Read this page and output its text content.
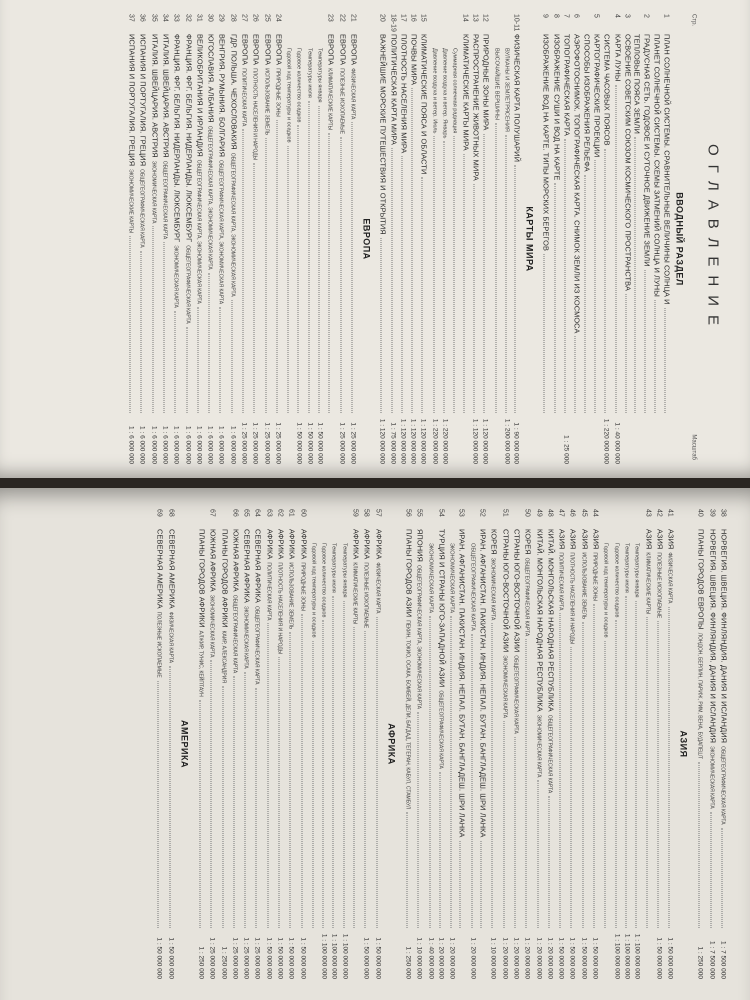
ОГЛАВЛЕНИЕ
Стр.
Масштаб
ВВОДНЫЙ РАЗДЕЛ
1
ПЛАН СОЛНЕЧНОЙ СИСТЕМЫ. СРАВНИТЕЛЬНЫЕ ВЕЛИЧИНЫ СОЛНЦА И
ПЛАНЕТ СОЛНЕЧНОЙ СИСТЕМЫ. СХЕМЫ ЗАТМЕНИЙ СОЛНЦА И ЛУНЫ
2
ГРАДУСНАЯ СЕТЬ. ГОДОВОЕ И СУТОЧНОЕ ДВИЖЕНИЕ ЗЕМЛИ
ТЕПЛОВЫЕ ПОЯСА ЗЕМЛИ
3
ОСВОЕНИЕ СОВЕТСКИМ СОЮЗОМ КОСМИЧЕСКОГО ПРОСТРАНСТВА
4
КАРТА ЛУНЫ
1 : 40 000 000
СИСТЕМА ЧАСОВЫХ ПОЯСОВ
1 : 220 000 000
5
КАРТОГРАФИЧЕСКИЕ ПРОЕКЦИИ
СПОСОБЫ ИЗОБРАЖЕНИЯ РЕЛЬЕФА
6
АЭРОФОТОСНИМОК. ТОПОГРАФИЧЕСКАЯ КАРТА. СНИМОК ЗЕМЛИ ИЗ КОСМОСА
7
ТОПОГРАФИЧЕСКАЯ КАРТА
1 : 25 000
8
ИЗОБРАЖЕНИЕ СУШИ И ВОД НА КАРТЕ
9
ИЗОБРАЖЕНИЕ ВОД НА КАРТЕ. ТИПЫ МОРСКИХ БЕРЕГОВ
КАРТЫ МИРА
10-11
ФИЗИЧЕСКАЯ КАРТА ПОЛУШАРИЙ
1 : 90 000 000
ВУЛКАНЫ И ЗЕМЛЕТРЯСЕНИЯ
1 : 200 000 000
ВЫСОЧАЙШИЕ ВЕРШИНЫ
12
ПРИРОДНЫЕ ЗОНЫ МИРА
1 : 120 000 000
13
РАСПРОСТРАНЕНИЕ ЖИВОТНЫХ МИРА
1 : 120 000 000
14
КЛИМАТИЧЕСКИЕ КАРТЫ МИРА
Суммарная солнечная радиация
Давление воздуха и ветер. Январь
1 : 220 000 000
Давление воздуха и ветер. Июль
1 : 220 000 000
15
КЛИМАТИЧЕСКИЕ ПОЯСА И ОБЛАСТИ
1 : 120 000 000
16
ПОЧВЫ МИРА
1 : 120 000 000
17
ПЛОТНОСТЬ НАСЕЛЕНИЯ МИРА
1 : 120 000 000
18-19
ПОЛИТИЧЕСКАЯ КАРТА МИРА
1 : 75 000 000
20
ВАЖНЕЙШИЕ МОРСКИЕ ПУТЕШЕСТВИЯ И ОТКРЫТИЯ
1 : 120 000 000
ЕВРОПА
21
ЕВРОПА
ФИЗИЧЕСКАЯ КАРТА
1 : 25 000 000
22
ЕВРОПА
ПОЛЕЗНЫЕ ИСКОПАЕМЫЕ
1 : 25 000 000
23
ЕВРОПА
КЛИМАТИЧЕСКИЕ КАРТЫ
Температуры января
1 : 50 000 000
Температуры июля
1 : 50 000 000
Годовое количество осадков
1 : 50 000 000
Годовой ход температуры и осадков
24
ЕВРОПА
ПРИРОДНЫЕ ЗОНЫ
1 : 25 000 000
25
ЕВРОПА
ИСПОЛЬЗОВАНИЕ ЗЕМЕЛЬ
1 : 25 000 000
26
ЕВРОПА
ПЛОТНОСТЬ НАСЕЛЕНИЯ И НАРОДЫ
1 : 25 000 000
27
ЕВРОПА
ПОЛИТИЧЕСКАЯ КАРТА
1 : 25 000 000
28
ГДР. ПОЛЬША. ЧЕХОСЛОВАКИЯ
ОБЩЕГЕОГРАФИЧЕСКАЯ КАРТА, ЭКОНОМИЧЕСКАЯ КАРТА
1 : 6 000 000
29
ВЕНГРИЯ. РУМЫНИЯ. БОЛГАРИЯ
ОБЩЕГЕОГРАФИЧЕСКАЯ КАРТА, ЭКОНОМИЧЕСКАЯ КАРТА
1 : 6 000 000
30
ЮГОСЛАВИЯ. АЛБАНИЯ
ОБЩЕГЕОГРАФИЧЕСКАЯ КАРТА, ЭКОНОМИЧЕСКАЯ КАРТА
1 : 6 000 000
31
ВЕЛИКОБРИТАНИЯ И ИРЛАНДИЯ
ОБЩЕГЕОГРАФИЧЕСКАЯ КАРТА, ЭКОНОМИЧЕСКАЯ КАРТА
1 : 6 000 000
32
ФРАНЦИЯ. ФРГ. БЕЛЬГИЯ. НИДЕРЛАНДЫ. ЛЮКСЕМБУРГ
ОБЩЕГЕОГРАФИЧЕСКАЯ КАРТА
1 : 6 000 000
33
ФРАНЦИЯ. ФРГ. БЕЛЬГИЯ. НИДЕРЛАНДЫ. ЛЮКСЕМБУРГ
ЭКОНОМИЧЕСКАЯ КАРТА
1 : 6 000 000
34
ИТАЛИЯ. ШВЕЙЦАРИЯ. АВСТРИЯ
ОБЩЕГЕОГРАФИЧЕСКАЯ КАРТА
1 : 6 000 000
35
ИТАЛИЯ. ШВЕЙЦАРИЯ. АВСТРИЯ
ЭКОНОМИЧЕСКАЯ КАРТА
1 : 6 000 000
36
ИСПАНИЯ И ПОРТУГАЛИЯ. ГРЕЦИЯ
ОБЩЕГЕОГРАФИЧЕСКАЯ КАРТА
1 : 6 000 000
37
ИСПАНИЯ И ПОРТУГАЛИЯ. ГРЕЦИЯ
ЭКОНОМИЧЕСКИЕ КАРТЫ
1 : 6 000 000
38
НОРВЕГИЯ. ШВЕЦИЯ. ФИНЛЯНДИЯ. ДАНИЯ И ИСЛАНДИЯ
ОБЩЕГЕОГРАФИЧЕСКАЯ КАРТА
1 : 7 500 000
39
НОРВЕГИЯ. ШВЕЦИЯ. ФИНЛЯНДИЯ. ДАНИЯ И ИСЛАНДИЯ
ЭКОНОМИЧЕСКАЯ КАРТА
1 : 7 500 000
40
ПЛАНЫ ГОРОДОВ ЕВРОПЫ
ЛОНДОН, БЕРЛИН, ПАРИЖ, РИМ, ВЕНА, БУДАПЕШТ
1 : 250 000
АЗИЯ
41
АЗИЯ
ФИЗИЧЕСКАЯ КАРТА
1 : 50 000 000
42
АЗИЯ
ПОЛЕЗНЫЕ ИСКОПАЕМЫЕ
1 : 50 000 000
43
АЗИЯ
КЛИМАТИЧЕСКИЕ КАРТЫ
Температуры января
1 : 100 000 000
Температуры июля
1 : 100 000 000
Годовое количество осадков
1 : 100 000 000
Годовой ход температуры и осадков
44
АЗИЯ
ПРИРОДНЫЕ ЗОНЫ
1 : 50 000 000
45
АЗИЯ
ИСПОЛЬЗОВАНИЕ ЗЕМЕЛЬ
1 : 50 000 000
46
АЗИЯ
ПЛОТНОСТЬ НАСЕЛЕНИЯ И НАРОДЫ
1 : 50 000 000
47
АЗИЯ
ПОЛИТИЧЕСКАЯ КАРТА
1 : 50 000 000
48
КИТАЙ. МОНГОЛЬСКАЯ НАРОДНАЯ РЕСПУБЛИКА
ОБЩЕГЕОГРАФИЧЕСКАЯ КАРТА
1 : 20 000 000
49
КИТАЙ. МОНГОЛЬСКАЯ НАРОДНАЯ РЕСПУБЛИКА
ЭКОНОМИЧЕСКАЯ КАРТА
1 : 20 000 000
50
КОРЕЯ
ОБЩЕГЕОГРАФИЧЕСКАЯ КАРТА
1 : 20 000 000
СТРАНЫ ЮГО-ВОСТОЧНОЙ АЗИИ
ОБЩЕГЕОГРАФИЧЕСКАЯ КАРТА
1 : 20 000 000
51
СТРАНЫ ЮГО-ВОСТОЧНОЙ АЗИИ
ЭКОНОМИЧЕСКАЯ КАРТА
1 : 20 000 000
КОРЕЯ
ЭКОНОМИЧЕСКАЯ КАРТА
1 : 10 000 000
52
ИРАН. АФГАНИСТАН. ПАКИСТАН. ИНДИЯ. НЕПАЛ. БУТАН. БАНГЛАДЕШ. ШРИ ЛАНКА
ОБЩЕГЕОГРАФИЧЕСКАЯ КАРТА
1 : 20 000 000
53
ИРАН. АФГАНИСТАН. ПАКИСТАН. ИНДИЯ. НЕПАЛ. БУТАН. БАНГЛАДЕШ. ШРИ ЛАНКА
ЭКОНОМИЧЕСКАЯ КАРТА
1 : 20 000 000
54
ТУРЦИЯ И СТРАНЫ ЮГО-ЗАПАДНОЙ АЗИИ
ОБЩЕГЕОГРАФИЧЕСКАЯ КАРТА
1 : 20 000 000
ЭКОНОМИЧЕСКАЯ КАРТА
1 : 40 000 000
55
ЯПОНИЯ
ОБЩЕГЕОГРАФИЧЕСКАЯ КАРТА, ЭКОНОМИЧЕСКАЯ КАРТА
1 : 10 000 000
56
ПЛАНЫ ГОРОДОВ АЗИИ
ПЕКИН, ТОКИО, ОСАКА, БОМБЕЙ, ДЕЛИ, БАГДАД, ТЕГЕРАН, КАБУЛ, СТАМБУЛ
1 : 250 000
АФРИКА
57
АФРИКА
ФИЗИЧЕСКАЯ КАРТА
1 : 50 000 000
58
АФРИКА
ПОЛЕЗНЫЕ ИСКОПАЕМЫЕ
1 : 50 000 000
59
АФРИКА
КЛИМАТИЧЕСКИЕ КАРТЫ
Температуры января
1 : 100 000 000
Температуры июля
1 : 100 000 000
Годовое количество осадков
1 : 100 000 000
Годовой ход температуры и осадков
60
АФРИКА
ПРИРОДНЫЕ ЗОНЫ
1 : 50 000 000
61
АФРИКА
ИСПОЛЬЗОВАНИЕ ЗЕМЕЛЬ
1 : 50 000 000
62
АФРИКА
ПЛОТНОСТЬ НАСЕЛЕНИЯ И НАРОДЫ
1 : 50 000 000
63
АФРИКА
ПОЛИТИЧЕСКАЯ КАРТА
1 : 50 000 000
64
СЕВЕРНАЯ АФРИКА
ОБЩЕГЕОГРАФИЧЕСКАЯ КАРТА
1 : 25 000 000
65
СЕВЕРНАЯ АФРИКА
ЭКОНОМИЧЕСКАЯ КАРТА
1 : 25 000 000
66
ЮЖНАЯ АФРИКА
ОБЩЕГЕОГРАФИЧЕСКАЯ КАРТА
1 : 25 000 000
ПЛАНЫ ГОРОДОВ АФРИКИ
КАИР, АЛЕКСАНДРИЯ
1 : 250 000
67
ЮЖНАЯ АФРИКА
ЭКОНОМИЧЕСКАЯ КАРТА
1 : 25 000 000
ПЛАНЫ ГОРОДОВ АФРИКИ
АЛЖИР, ТУНИС, КЕЙПТАУН
1 : 250 000
АМЕРИКА
68
СЕВЕРНАЯ АМЕРИКА
ФИЗИЧЕСКАЯ КАРТА
1 : 50 000 000
69
СЕВЕРНАЯ АМЕРИКА
ПОЛЕЗНЫЕ ИСКОПАЕМЫЕ
1 : 50 000 000
